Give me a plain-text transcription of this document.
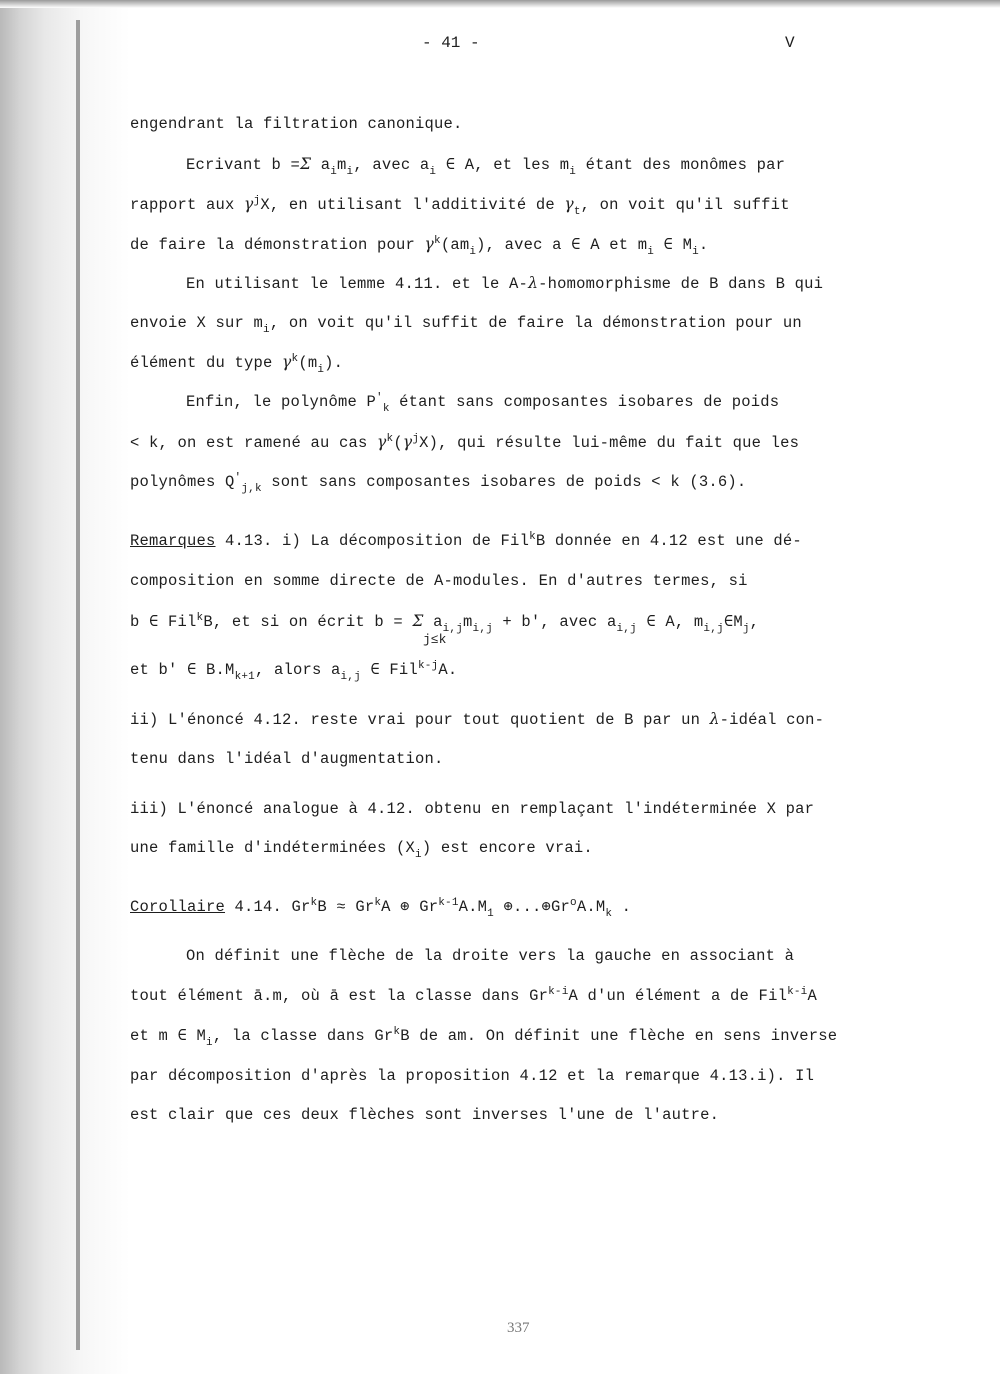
- 41 -	V
engendrant la filtration canonique.
Ecrivant b =Σ $a_im_i$, avec $a_i$ ∈ A, et les $m_i$ étant des monômes par
rapport aux $\gamma^jX$, en utilisant l'additivité de $\gamma_t$, on voit qu'il suffit
de faire la démonstration pour $\gamma^k(am_i)$, avec a ∈ A et $m_i$ ∈ $M_i$.
En utilisant le lemme 4.11. et le A-λ-homomorphisme de B dans B qui
envoie X sur $m_i$, on voit qu'il suffit de faire la démonstration pour un
élément du type $\gamma^k(m_i)$.
Enfin, le polynôme $P'_k$ étant sans composantes isobares de poids
< k, on est ramené au cas $\gamma^k(\gamma^jX)$, qui résulte lui-même du fait que les
polynômes $Q'_{j,k}$ sont sans composantes isobares de poids < k (3.6).
Remarques 4.13. i) La décomposition de Fil$^k$B donnée en 4.12 est une dé-
composition en somme directe de A-modules. En d'autres termes, si
b ∈ Fil$^k$B, et si on écrit b = Σ $a_{i,j}m_{i,j} + b'$, avec $a_{i,j}$ ∈ A, $m_{i,j}\in M_j$,
j≤k
et b' ∈ $B.M_{k+1}$, alors $a_{i,j}$ ∈ Fil$^{k-j}$A.
ii) L'énoncé 4.12. reste vrai pour tout quotient de B par un λ-idéal con-
tenu dans l'idéal d'augmentation.
iii) L'énoncé analogue à 4.12. obtenu en remplaçant l'indéterminée X par
une famille d'indéterminées $(X_i)$ est encore vrai.
Corollaire 4.14. $Gr^kB \approx Gr^kA$ ⊕ $Gr^{k-1}A.M_1$ $\oplus...\oplus Gr^oA.M_k$ .
On définit une flèche de la droite vers la gauche en associant à
tout élément ā.m, où ā est la classe dans Gr$^{k-i}$A d'un élément a de Fil$^{k-i}$A
et m ∈ $M_i$, la classe dans Gr$^k$B de am. On définit une flèche en sens inverse
par décomposition d'après la proposition 4.12 et la remarque 4.13.i). Il
est clair que ces deux flèches sont inverses l'une de l'autre.
337
